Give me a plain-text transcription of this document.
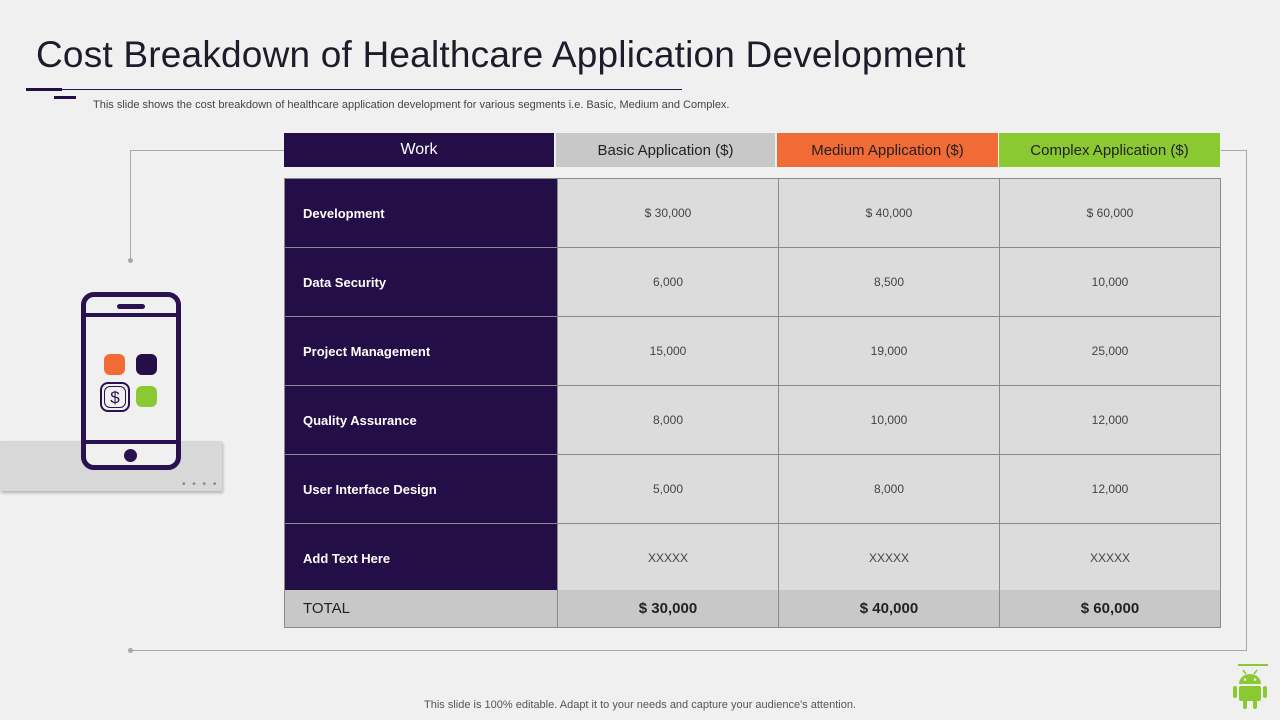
Cost Breakdown of Healthcare Application Development
This slide shows the cost breakdown of healthcare application development for various segments i.e. Basic, Medium and Complex.
• • • •
$
Work	Basic Application ($)	Medium Application ($)	Complex Application ($)
Development	$ 30,000	$ 40,000	$ 60,000
Data Security	6,000	8,500	10,000
Project Management	15,000	19,000	25,000
Quality Assurance	8,000	10,000	12,000
User Interface Design	5,000	8,000	12,000
Add Text Here	XXXXX	XXXXX	XXXXX
TOTAL	$ 30,000	$ 40,000	$ 60,000
This slide is 100% editable. Adapt it to your needs and capture your audience's attention.
